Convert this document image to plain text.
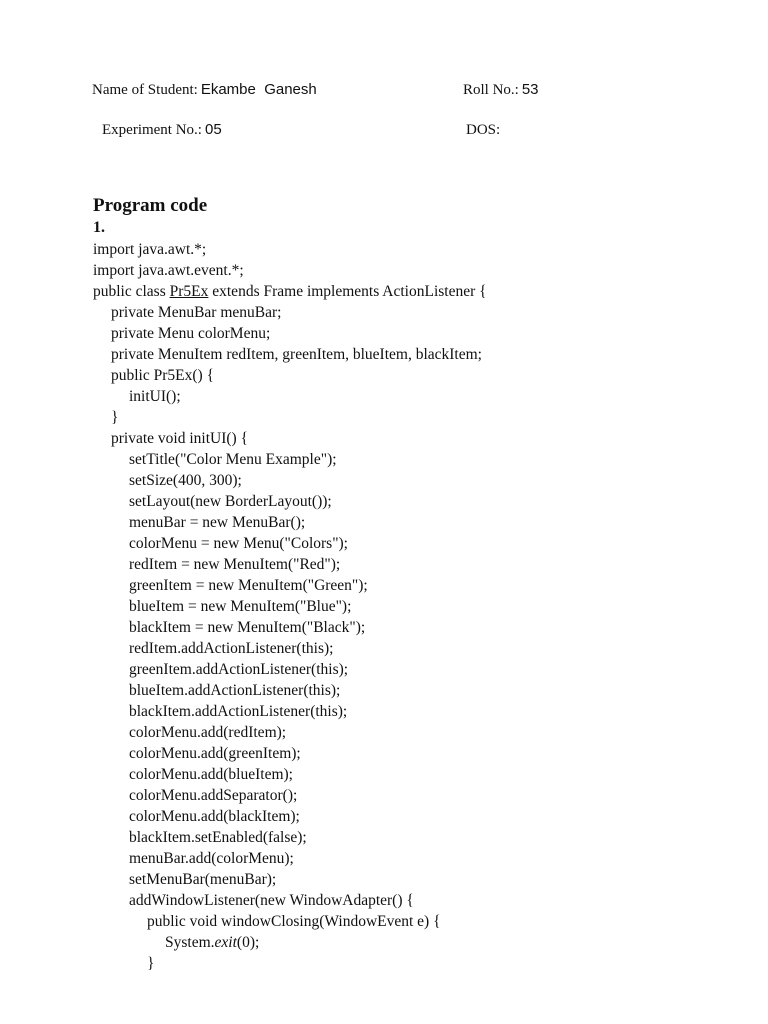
Name of Student: Ekambe  Ganesh	Roll No.: 53
Experiment No.: 05	DOS:
Program code
1.
import java.awt.*;
import java.awt.event.*;
public class Pr5Ex extends Frame implements ActionListener {
private MenuBar menuBar;
private Menu colorMenu;
private MenuItem redItem, greenItem, blueItem, blackItem;
public Pr5Ex() {
initUI();
}
private void initUI() {
setTitle("Color Menu Example");
setSize(400, 300);
setLayout(new BorderLayout());
menuBar = new MenuBar();
colorMenu = new Menu("Colors");
redItem = new MenuItem("Red");
greenItem = new MenuItem("Green");
blueItem = new MenuItem("Blue");
blackItem = new MenuItem("Black");
redItem.addActionListener(this);
greenItem.addActionListener(this);
blueItem.addActionListener(this);
blackItem.addActionListener(this);
colorMenu.add(redItem);
colorMenu.add(greenItem);
colorMenu.add(blueItem);
colorMenu.addSeparator();
colorMenu.add(blackItem);
blackItem.setEnabled(false);
menuBar.add(colorMenu);
setMenuBar(menuBar);
addWindowListener(new WindowAdapter() {
public void windowClosing(WindowEvent e) {
System.exit(0);
}
